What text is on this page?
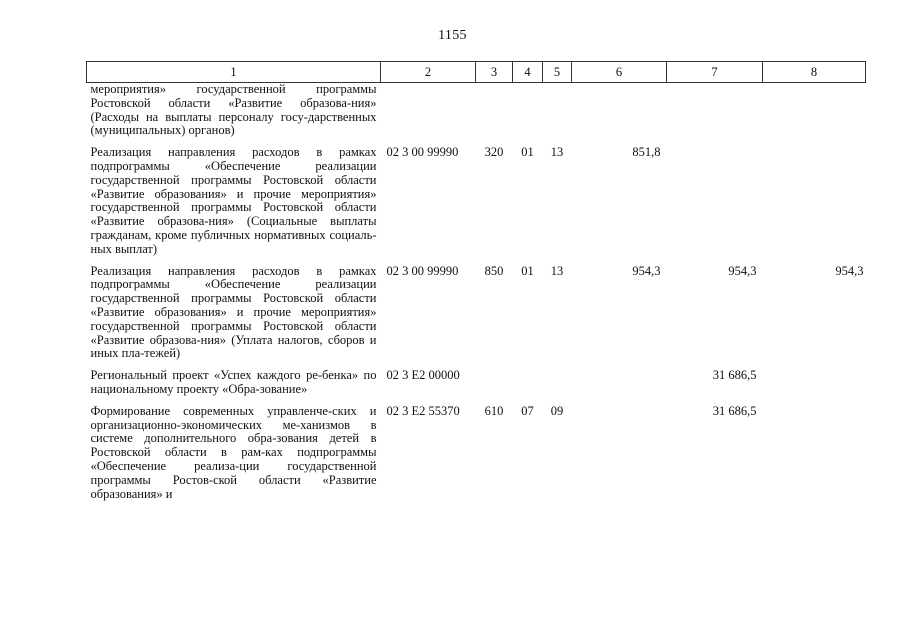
1155
1	2	3	4	5	6	7	8
мероприятия» государственной программы Ростовской области «Развитие образова-ния» (Расходы на выплаты персоналу госу-дарственных (муниципальных) органов)							
Реализация направления расходов в рамках подпрограммы «Обеспечение реализации государственной программы Ростовской области «Развитие образования» и прочие мероприятия» государственной программы Ростовской области «Развитие образова-ния» (Социальные выплаты гражданам, кроме публичных нормативных социаль-ных выплат)	02 3 00 99990	320	01	13	851,8		
Реализация направления расходов в рамках подпрограммы «Обеспечение реализации государственной программы Ростовской области «Развитие образования» и прочие мероприятия» государственной программы Ростовской области «Развитие образова-ния» (Уплата налогов, сборов и иных пла-тежей)	02 3 00 99990	850	01	13	954,3	954,3	954,3
Региональный проект «Успех каждого ре-бенка» по национальному проекту «Обра-зование»	02 3 E2 00000					31 686,5	
Формирование современных управленче-ских и организационно-экономических ме-ханизмов в системе дополнительного обра-зования детей в Ростовской области в рам-ках подпрограммы «Обеспечение реализа-ции государственной программы Ростов-ской области «Развитие образования» и	02 3 E2 55370	610	07	09		31 686,5	
